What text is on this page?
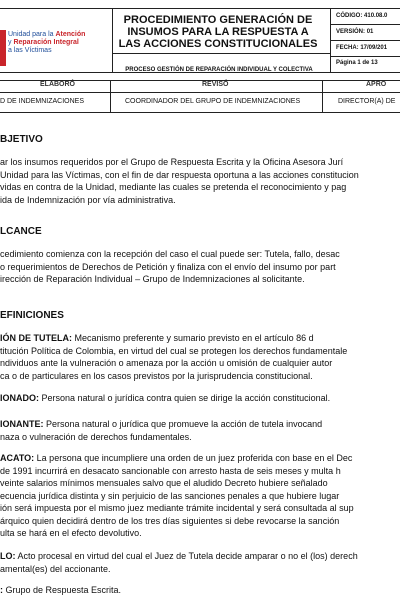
Unidad para la Atención
y Reparación Integral
a las Víctimas
PROCEDIMIENTO GENERACIÓN DE INSUMOS PARA LA RESPUESTA A LAS ACCIONES CONSTITUCIONALES
PROCESO GESTIÓN DE REPARACIÓN INDIVIDUAL Y COLECTIVA
CÓDIGO: 410.08.0
VERSIÓN: 01
FECHA: 17/09/201
Página 1 de 13
ELABORÓ	REVISÓ	APRO
D DE INDEMNIZACIONES	COORDINADOR DEL GRUPO DE INDEMNIZACIONES	DIRECTOR(A) DE
BJETIVO
ar los insumos requeridos por el Grupo de Respuesta Escrita y la Oficina Asesora Jurí
Unidad para las Víctimas, con el fin de dar respuesta oportuna a las acciones constitucion
vidas en contra de la Unidad, mediante las cuales se pretenda el reconocimiento y pag
ida de Indemnización por vía administrativa.
LCANCE
cedimiento comienza con la recepción del caso el cual puede ser: Tutela, fallo, desac
o requerimientos de Derechos de Petición y finaliza con el envío del insumo por part
irección de Reparación Individual – Grupo de Indemnizaciones al solicitante.
EFINICIONES
IÓN DE TUTELA: Mecanismo preferente y sumario previsto en el artículo 86 d
titución Política de Colombia, en virtud del cual se protegen los derechos fundamentale
ndividuos ante la vulneración o amenaza por la acción u omisión de cualquier autor
ca o de particulares en los casos previstos por la jurisprudencia constitucional.
IONADO: Persona natural o jurídica contra quien se dirige la acción constitucional.
IONANTE: Persona natural o jurídica que promueve la acción de tutela invocand
naza o vulneración de derechos fundamentales.
ACATO: La persona que incumpliere una orden de un juez proferida con base en el Dec
de 1991 incurrirá en desacato sancionable con arresto hasta de seis meses y multa h
veinte salarios mínimos mensuales salvo que el aludido Decreto hubiere señalado
ecuencia jurídica distinta y sin perjuicio de las sanciones penales a que hubiere lugar
ión será impuesta por el mismo juez mediante trámite incidental y será consultada al sup
árquico quien decidirá dentro de los tres días siguientes si debe revocarse la sanción
ulta se hará en el efecto devolutivo.
LO: Acto procesal en virtud del cual el Juez de Tutela decide amparar o no el (los) derech
amental(es) del accionante.
: Grupo de Respuesta Escrita.
